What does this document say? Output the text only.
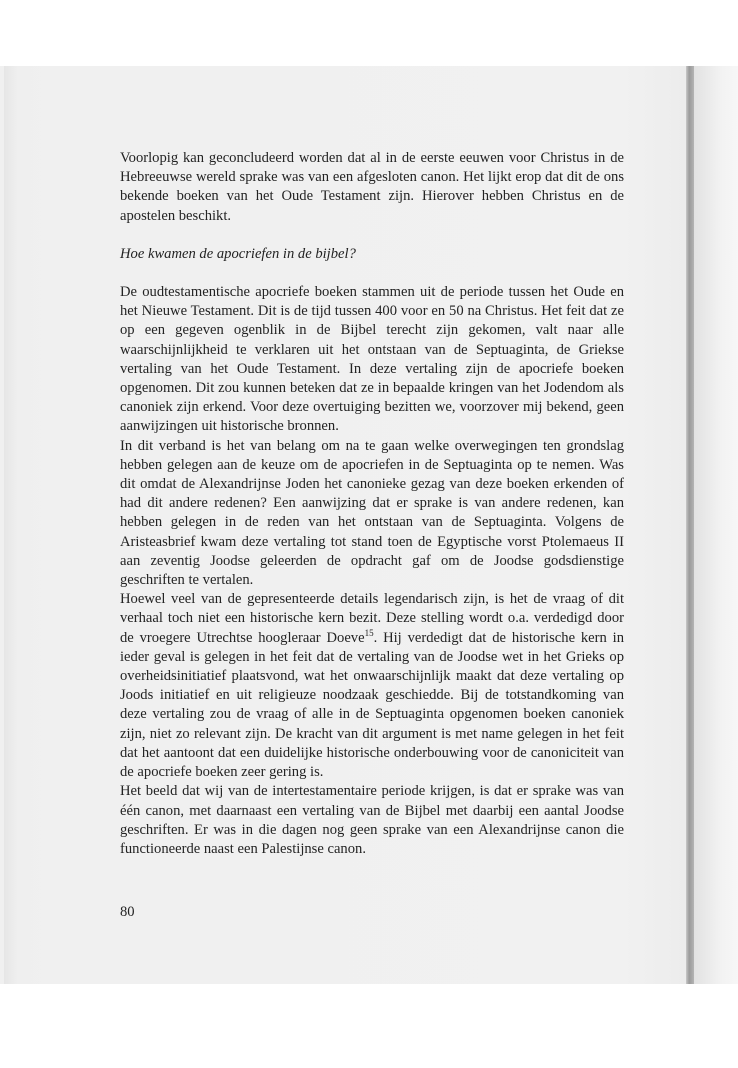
Voorlopig kan geconcludeerd worden dat al in de eerste eeuwen voor Christus in de Hebreeuwse wereld sprake was van een afgesloten canon. Het lijkt erop dat dit de ons bekende boeken van het Oude Testament zijn. Hierover hebben Christus en de apostelen beschikt.

Hoe kwamen de apocriefen in de bijbel?

De oudtestamentische apocriefe boeken stammen uit de periode tussen het Oude en het Nieuwe Testament. Dit is de tijd tussen 400 voor en 50 na Christus. Het feit dat ze op een gegeven ogenblik in de Bijbel terecht zijn gekomen, valt naar alle waarschijnlijkheid te verklaren uit het ontstaan van de Septuaginta, de Griekse vertaling van het Oude Testament. In deze vertaling zijn de apocriefe boeken opgenomen. Dit zou kunnen beteken dat ze in bepaalde kringen van het Jodendom als canoniek zijn erkend. Voor deze overtuiging bezitten we, voorzover mij bekend, geen aanwijzingen uit historische bronnen.

In dit verband is het van belang om na te gaan welke overwegingen ten grondslag hebben gelegen aan de keuze om de apocriefen in de Septuaginta op te nemen. Was dit omdat de Alexandrijnse Joden het canonieke gezag van deze boeken erkenden of had dit andere redenen? Een aanwijzing dat er sprake is van andere redenen, kan hebben gelegen in de reden van het ontstaan van de Septuaginta. Volgens de Aristeasbrief kwam deze vertaling tot stand toen de Egyptische vorst Ptolemaeus II aan zeventig Joodse geleerden de opdracht gaf om de Joodse godsdienstige geschriften te vertalen.

Hoewel veel van de gepresenteerde details legendarisch zijn, is het de vraag of dit verhaal toch niet een historische kern bezit. Deze stelling wordt o.a. verdedigd door de vroegere Utrechtse hoogleraar Doeve$^{15}$. Hij verdedigt dat de historische kern in ieder geval is gelegen in het feit dat de vertaling van de Joodse wet in het Grieks op overheidsinitiatief plaatsvond, wat het onwaarschijnlijk maakt dat deze vertaling op Joods initiatief en uit religieuze noodzaak geschiedde. Bij de totstandkoming van deze vertaling zou de vraag of alle in de Septuaginta opgenomen boeken canoniek zijn, niet zo relevant zijn. De kracht van dit argument is met name gelegen in het feit dat het aantoont dat een duidelijke historische onderbouwing voor de canoniciteit van de apocriefe boeken zeer gering is.

Het beeld dat wij van de intertestamentaire periode krijgen, is dat er sprake was van één canon, met daarnaast een vertaling van de Bijbel met daarbij een aantal Joodse geschriften. Er was in die dagen nog geen sprake van een Alexandrijnse canon die functioneerde naast een Palestijnse canon.

80
